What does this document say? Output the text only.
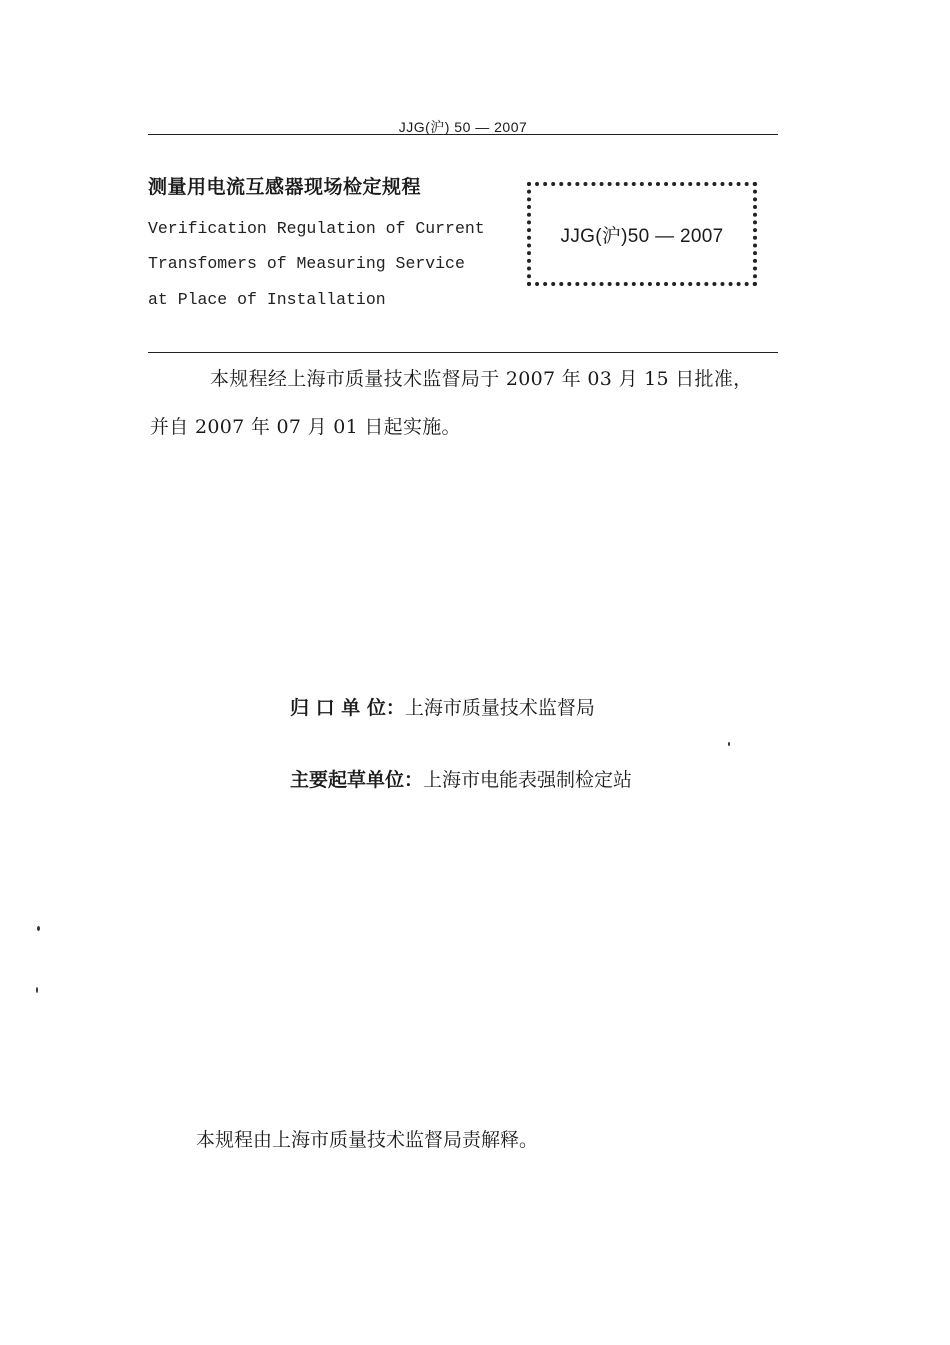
JJG(沪) 50 — 2007
测量用电流互感器现场检定规程
Verification Regulation of Current
Transfomers of Measuring Service
at Place of Installation
JJG(沪)50 — 2007
本规程经上海市质量技术监督局于 2007 年 03 月 15 日批准，
并自 2007 年 07 月 01 日起实施。
归 口 单 位：上海市质量技术监督局
主要起草单位：上海市电能表强制检定站
本规程由上海市质量技术监督局责解释。
